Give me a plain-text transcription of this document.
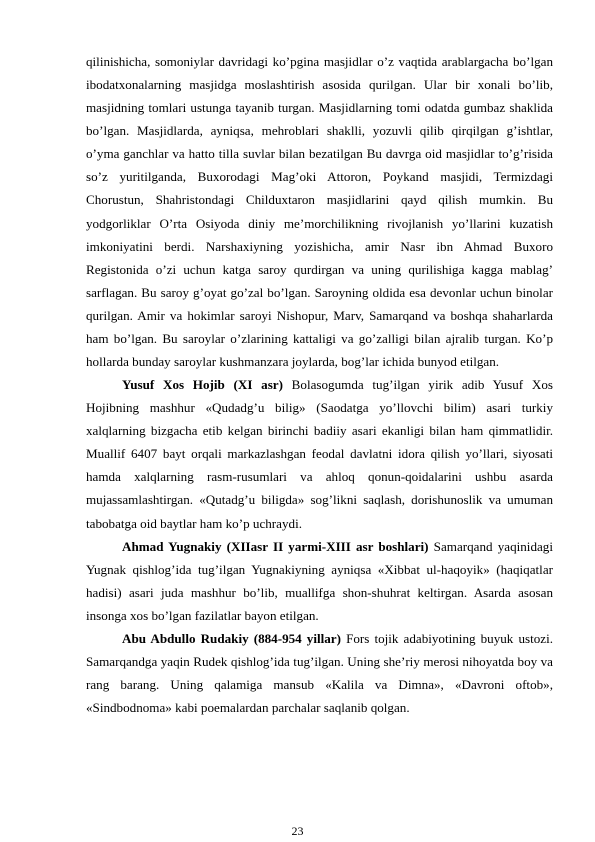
qilinishicha, somoniylar davridagi ko’pgina masjidlar o’z vaqtida arablargacha bo’lgan ibodatxonalarning masjidga moslashtirish asosida qurilgan. Ular bir xonali bo’lib, masjidning tomlari ustunga tayanib turgan. Masjidlarning tomi odatda gumbaz shaklida bo’lgan. Masjidlarda, ayniqsa, mehroblari shaklli, yozuvli qilib qirqilgan g’ishtlar, o’yma ganchlar va hatto tilla suvlar bilan bezatilgan Bu davrga oid masjidlar to’g’risida so’z yuritilganda, Buxorodagi Mag’oki Attoron, Poykand masjidi, Termizdagi Chorustun, Shahristondagi Childuxtaron masjidlarini qayd qilish mumkin. Bu yodgorliklar O’rta Osiyoda diniy me’morchilikning rivojlanish yo’llarini kuzatish imkoniyatini berdi. Narshaxiyning yozishicha, amir Nasr ibn Ahmad Buxoro Registonida o’zi uchun katga saroy qurdirgan va uning qurilishiga kagga mablag’ sarflagan. Bu saroy g’oyat go’zal bo’lgan. Saroyning oldida esa devonlar uchun binolar qurilgan. Amir va hokimlar saroyi Nishopur, Marv, Samarqand va boshqa shaharlarda ham bo’lgan. Bu saroylar o’zlarining kattaligi va go’zalligi bilan ajralib turgan. Ko’p hollarda bunday saroylar kushmanzara joylarda, bog’lar ichida bunyod etilgan.

Yusuf Xos Hojib (XI asr) Bolasogumda tug’ilgan yirik adib Yusuf Xos Hojibning mashhur «Qudadg’u bilig» (Saodatga yo’llovchi bilim) asari turkiy xalqlarning bizgacha etib kelgan birinchi badiiy asari ekanligi bilan ham qimmatlidir. Muallif 6407 bayt orqali markazlashgan feodal davlatni idora qilish yo’llari, siyosati hamda xalqlarning rasm-rusumlari va ahloq qonun-qoidalarini ushbu asarda mujassamlashtirgan. «Qutadg’u biligda» sog’likni saqlash, dorishunoslik va umuman tabobatga oid baytlar ham ko’p uchraydi.

Ahmad Yugnakiy (XIIasr II yarmi-XIII asr boshlari) Samarqand yaqinidagi Yugnak qishlog’ida tug’ilgan Yugnakiyning ayniqsa «Xibbat ul-haqoyik» (haqiqatlar hadisi) asari juda mashhur bo’lib, muallifga shon-shuhrat keltirgan. Asarda asosan insonga xos bo’lgan fazilatlar bayon etilgan.

Abu Abdullo Rudakiy (884-954 yillar) Fors tojik adabiyotining buyuk ustozi. Samarqandga yaqin Rudek qishlog’ida tug’ilgan. Uning she’riy merosi nihoyatda boy va rang barang. Uning qalamiga mansub «Kalila va Dimna», «Davroni oftob», «Sindbodnoma» kabi poemalardan parchalar saqlanib qolgan.

23
